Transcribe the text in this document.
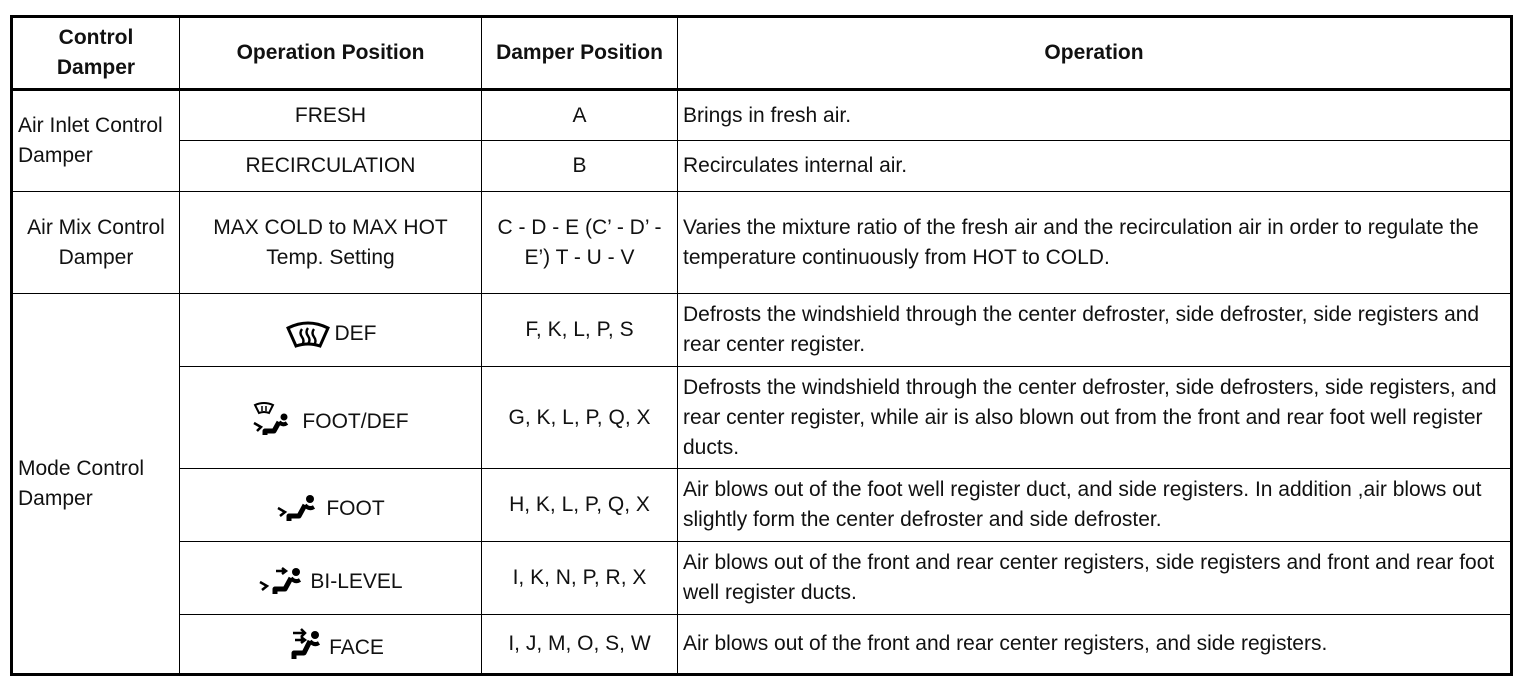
Control Damper	Operation Position	Damper Position	Operation
Air Inlet Control Damper	FRESH	A	Brings in fresh air.
	RECIRCULATION	B	Recirculates internal air.
Air Mix Control Damper	MAX COLD to MAX HOT Temp. Setting	C - D - E (C’ - D’ - E’) T - U - V	Varies the mixture ratio of the fresh air and the recirculation air in order to regulate the temperature continuously from HOT to COLD.
Mode Control Damper	DEF	F, K, L, P, S	Defrosts the windshield through the center defroster, side defroster, side registers and rear center register.

FOOT/DEF	G, K, L, P, Q, X	Defrosts the windshield through the center defroster, side defrosters, side registers, and rear center register, while air is also blown out from the front and rear foot well register ducts.

FOOT	H, K, L, P, Q, X	Air blows out of the foot well register duct, and side registers. In addition ,air blows out slightly form the center defroster and side defroster.

BI-LEVEL	I, K, N, P, R, X	Air blows out of the front and rear center registers, side registers and front and rear foot well register ducts.

FACE	I, J, M, O, S, W	Air blows out of the front and rear center registers, and side registers.
